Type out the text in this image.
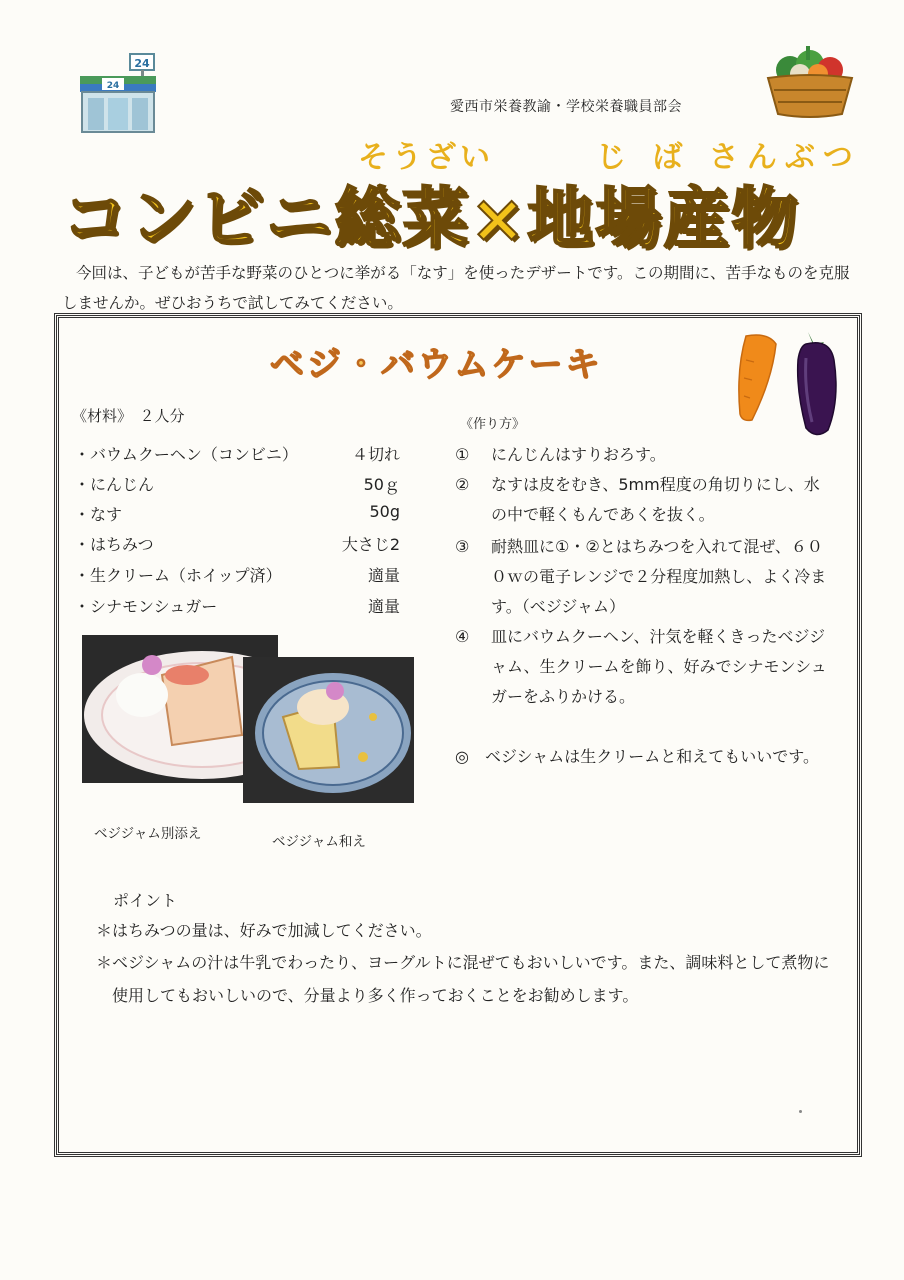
24
24
愛西市栄養教諭・学校栄養職員部会
そうざい	じ ば さんぶつ
コンビニ総菜×地場産物
今回は、子どもが苦手な野菜のひとつに挙がる「なす」を使ったデザートです。この期間に、苦手なものを克服しませんか。ぜひおうちで試してみてください。
ベジ・バウムケーキ
《材料》　２人分
・バウムクーヘン（コンビニ）	４切れ
・にんじん	50ｇ
・なす	50g
・はちみつ	大さじ2
・生クリーム（ホイップ済）	適量
・シナモンシュガー	適量
ベジジャム別添え	ベジジャム和え
《作り方》
①	にんじんはすりおろす。
②	なすは皮をむき、5mm程度の角切りにし、水の中で軽くもんであくを抜く。
③	耐熱皿に①・②とはちみつを入れて混ぜ、６００ｗの電子レンジで２分程度加熱し、よく冷ます。（ベジジャム）
④	皿にバウムクーヘン、汁気を軽くきったベジジャム、生クリームを飾り、好みでシナモンシュガーをふりかける。
◎　ベジシャムは生クリームと和えてもいいです。
ポイント
＊ はちみつの量は、好みで加減してください。
＊ ベジシャムの汁は牛乳でわったり、ヨーグルトに混ぜてもおいしいです。また、調味料として煮物に使用してもおいしいので、分量より多く作っておくことをお勧めします。
